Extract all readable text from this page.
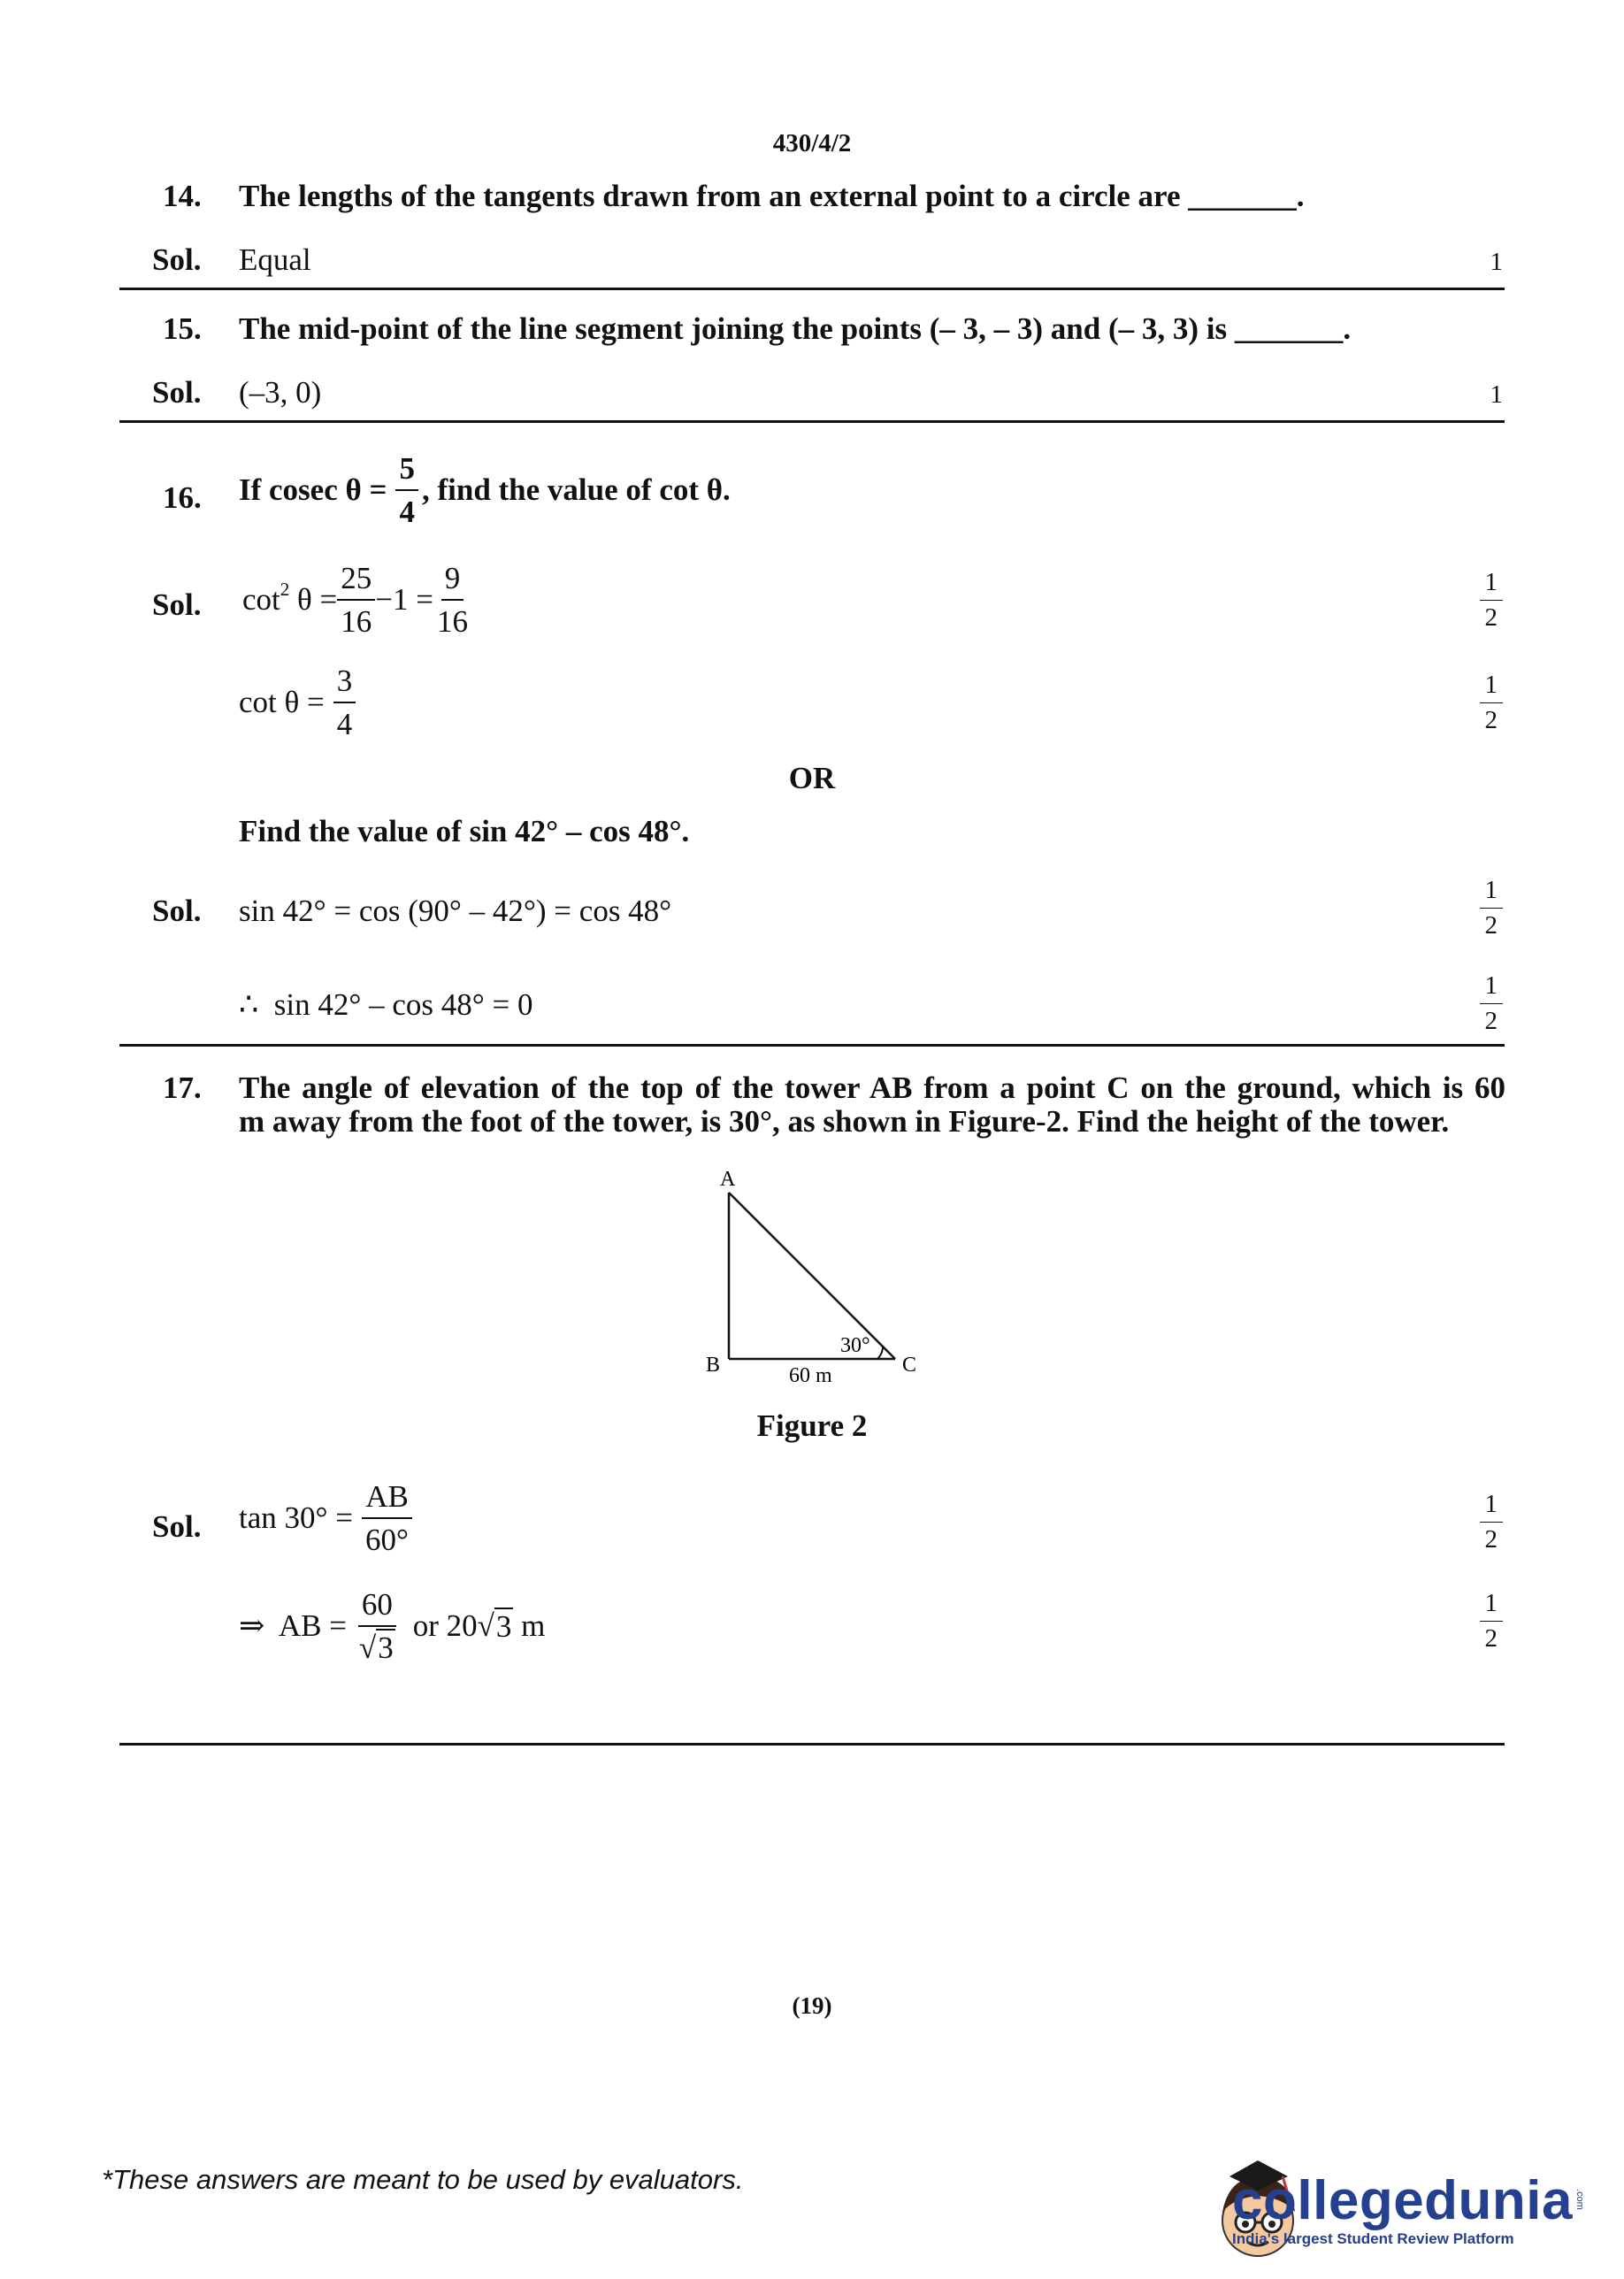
430/4/2
14. The lengths of the tangents drawn from an external point to a circle are _______.
Sol. Equal	1
15. The mid-point of the line segment joining the points (– 3, – 3) and (– 3, 3) is _______.
Sol. (–3, 0)	1
16. If cosec $\theta = \frac{5}{4}$ , find the value of cot θ.
Sol. $\cot^2 \theta = \frac{25}{16} -1 = \frac{9}{16}$	$\frac{1}{2}$
$\cot \theta = \frac{3}{4}$	$\frac{1}{2}$
OR
Find the value of sin 42° – cos 48°.
Sol. sin 42° = cos (90° – 42°) = cos 48°	$\frac{1}{2}$
∴  sin 42° – cos 48° = 0	$\frac{1}{2}$
17. The angle of elevation of the top of the tower AB from a point C on the ground, which is 60
m away from the foot of the tower, is 30°, as shown in Figure-2. Find the height of the tower.
A
B	C
30°
60 m
Figure 2
Sol. $\tan 30^\circ = \frac{AB}{60^\circ}$	$\frac{1}{2}$
⇒  AB = $\frac{60}{√3}$ or 20 √ 3 m	$\frac{1}{2}$
(19)
*These answers are meant to be used by evaluators.	collegedunia
India's largest Student Review Platform
.com
